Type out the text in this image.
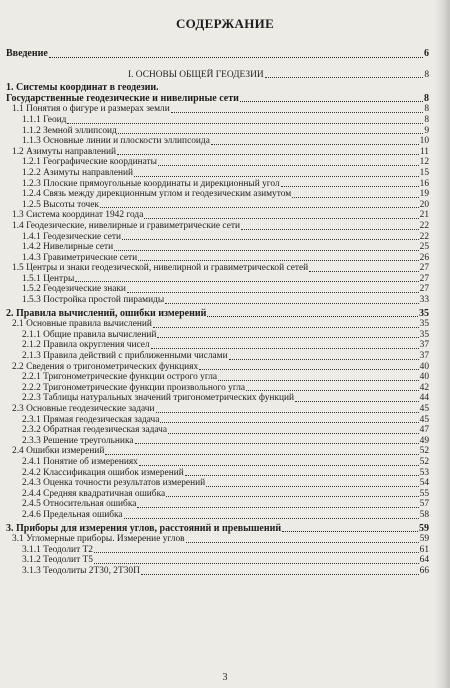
СОДЕРЖАНИЕ
Введение	6
I. ОСНОВЫ ОБЩЕЙ ГЕОДЕЗИИ	8
1. Системы координат в геодезии.
Государственные геодезические и нивелирные сети	8
1.1 Понятия о фигуре и размерах земли	8
1.1.1 Геоид	8
1.1.2 Земной эллипсоид	9
1.1.3 Основные линии и плоскости эллипсоида	10
1.2 Азимуты направлений	11
1.2.1 Географические координаты	12
1.2.2 Азимуты направлений	15
1.2.3 Плоские прямоугольные координаты и дирекционный угол	16
1.2.4 Связь между дирекционным углом и геодезическим азимутом	19
1.2.5 Высоты точек	20
1.3 Система координат 1942 года	21
1.4 Геодезические, нивелирные и гравиметрические сети	22
1.4.1 Геодезические сети	22
1.4.2 Нивелирные сети	25
1.4.3 Гравиметрические сети	26
1.5 Центры и знаки геодезической, нивелирной и гравиметрической сетей	27
1.5.1 Центры	27
1.5.2 Геодезические знаки	27
1.5.3 Постройка простой пирамиды	33
2. Правила вычислений, ошибки измерений	35
2.1 Основные правила вычислений	35
2.1.1 Общие правила вычислений	35
2.1.2 Правила округления чисел	37
2.1.3 Правила действий с приближенными числами	37
2.2 Сведения о тригонометрических функциях	40
2.2.1 Тригонометрические функции острого угла	40
2.2.2 Тригонометрические функции произвольного угла	42
2.2.3 Таблицы натуральных значений тригонометрических функций	44
2.3 Основные геодезические задачи	45
2.3.1 Прямая геодезическая задача	45
2.3.2 Обратная геодезическая задача	47
2.3.3 Решение треугольника	49
2.4 Ошибки измерений	52
2.4.1 Понятие об измерениях	52
2.4.2 Классификация ошибок измерений	53
2.4.3 Оценка точности результатов измерений	54
2.4.4 Средняя квадратичная ошибка	55
2.4.5 Относительная ошибка	57
2.4.6 Предельная ошибка	58
3. Приборы для измерения углов, расстояний и превышений	59
3.1 Угломерные приборы. Измерение углов	59
3.1.1 Теодолит Т2	61
3.1.2 Теодолит Т5	64
3.1.3 Теодолиты 2Т30, 2Т30П	66
3
